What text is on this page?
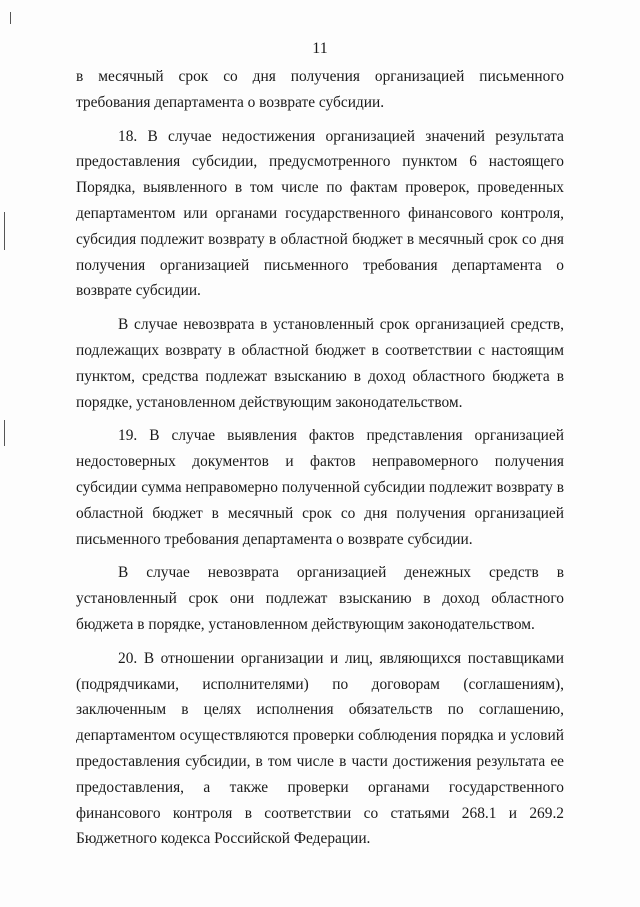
11

в месячный срок со дня получения организацией письменного требования департамента о возврате субсидии.

18. В случае недостижения организацией значений результата предоставления субсидии, предусмотренного пунктом 6 настоящего Порядка, выявленного в том числе по фактам проверок, проведенных департаментом или органами государственного финансового контроля, субсидия подлежит возврату в областной бюджет в месячный срок со дня получения организацией письменного требования департамента о возврате субсидии.

В случае невозврата в установленный срок организацией средств, подлежащих возврату в областной бюджет в соответствии с настоящим пунктом, средства подлежат взысканию в доход областного бюджета в порядке, установленном действующим законодательством.

19. В случае выявления фактов представления организацией недостоверных документов и фактов неправомерного получения субсидии сумма неправомерно полученной субсидии подлежит возврату в областной бюджет в месячный срок со дня получения организацией письменного требования департамента о возврате субсидии.

В случае невозврата организацией денежных средств в установленный срок они подлежат взысканию в доход областного бюджета в порядке, установленном действующим законодательством.

20. В отношении организации и лиц, являющихся поставщиками (подрядчиками, исполнителями) по договорам (соглашениям), заключенным в целях исполнения обязательств по соглашению, департаментом осуществляются проверки соблюдения порядка и условий предоставления субсидии, в том числе в части достижения результата ее предоставления, а также проверки органами государственного финансового контроля в соответствии со статьями 268.1 и 269.2 Бюджетного кодекса Российской Федерации.
